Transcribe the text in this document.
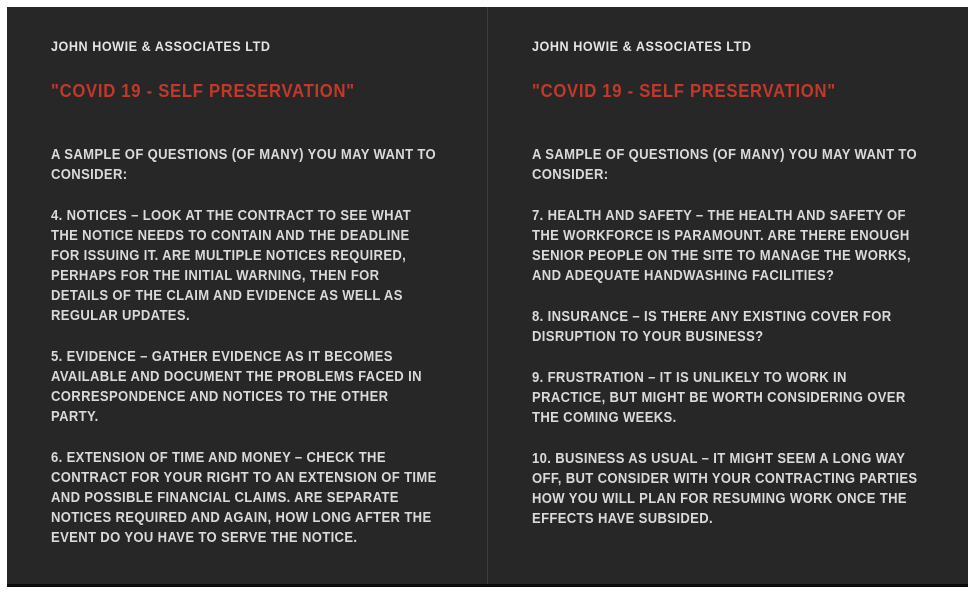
JOHN HOWIE & ASSOCIATES LTD
"COVID 19 - SELF PRESERVATION"

A SAMPLE OF QUESTIONS (OF MANY) YOU MAY WANT TO CONSIDER:

4. NOTICES – LOOK AT THE CONTRACT TO SEE WHAT THE NOTICE NEEDS TO CONTAIN AND THE DEADLINE FOR ISSUING IT. ARE MULTIPLE NOTICES REQUIRED, PERHAPS FOR THE INITIAL WARNING, THEN FOR DETAILS OF THE CLAIM AND EVIDENCE AS WELL AS REGULAR UPDATES.

5. EVIDENCE – GATHER EVIDENCE AS IT BECOMES AVAILABLE AND DOCUMENT THE PROBLEMS FACED IN CORRESPONDENCE AND NOTICES TO THE OTHER PARTY.

6. EXTENSION OF TIME AND MONEY – CHECK THE CONTRACT FOR YOUR RIGHT TO AN EXTENSION OF TIME AND POSSIBLE FINANCIAL CLAIMS. ARE SEPARATE NOTICES REQUIRED AND AGAIN, HOW LONG AFTER THE EVENT DO YOU HAVE TO SERVE THE NOTICE.

JOHN HOWIE & ASSOCIATES LTD
"COVID 19 - SELF PRESERVATION"

A SAMPLE OF QUESTIONS (OF MANY) YOU MAY WANT TO CONSIDER:

7. HEALTH AND SAFETY – THE HEALTH AND SAFETY OF THE WORKFORCE IS PARAMOUNT. ARE THERE ENOUGH SENIOR PEOPLE ON THE SITE TO MANAGE THE WORKS, AND ADEQUATE HANDWASHING FACILITIES?

8. INSURANCE – IS THERE ANY EXISTING COVER FOR DISRUPTION TO YOUR BUSINESS?

9. FRUSTRATION – IT IS UNLIKELY TO WORK IN PRACTICE, BUT MIGHT BE WORTH CONSIDERING OVER THE COMING WEEKS.

10. BUSINESS AS USUAL – IT MIGHT SEEM A LONG WAY OFF, BUT CONSIDER WITH YOUR CONTRACTING PARTIES HOW YOU WILL PLAN FOR RESUMING WORK ONCE THE EFFECTS HAVE SUBSIDED.
